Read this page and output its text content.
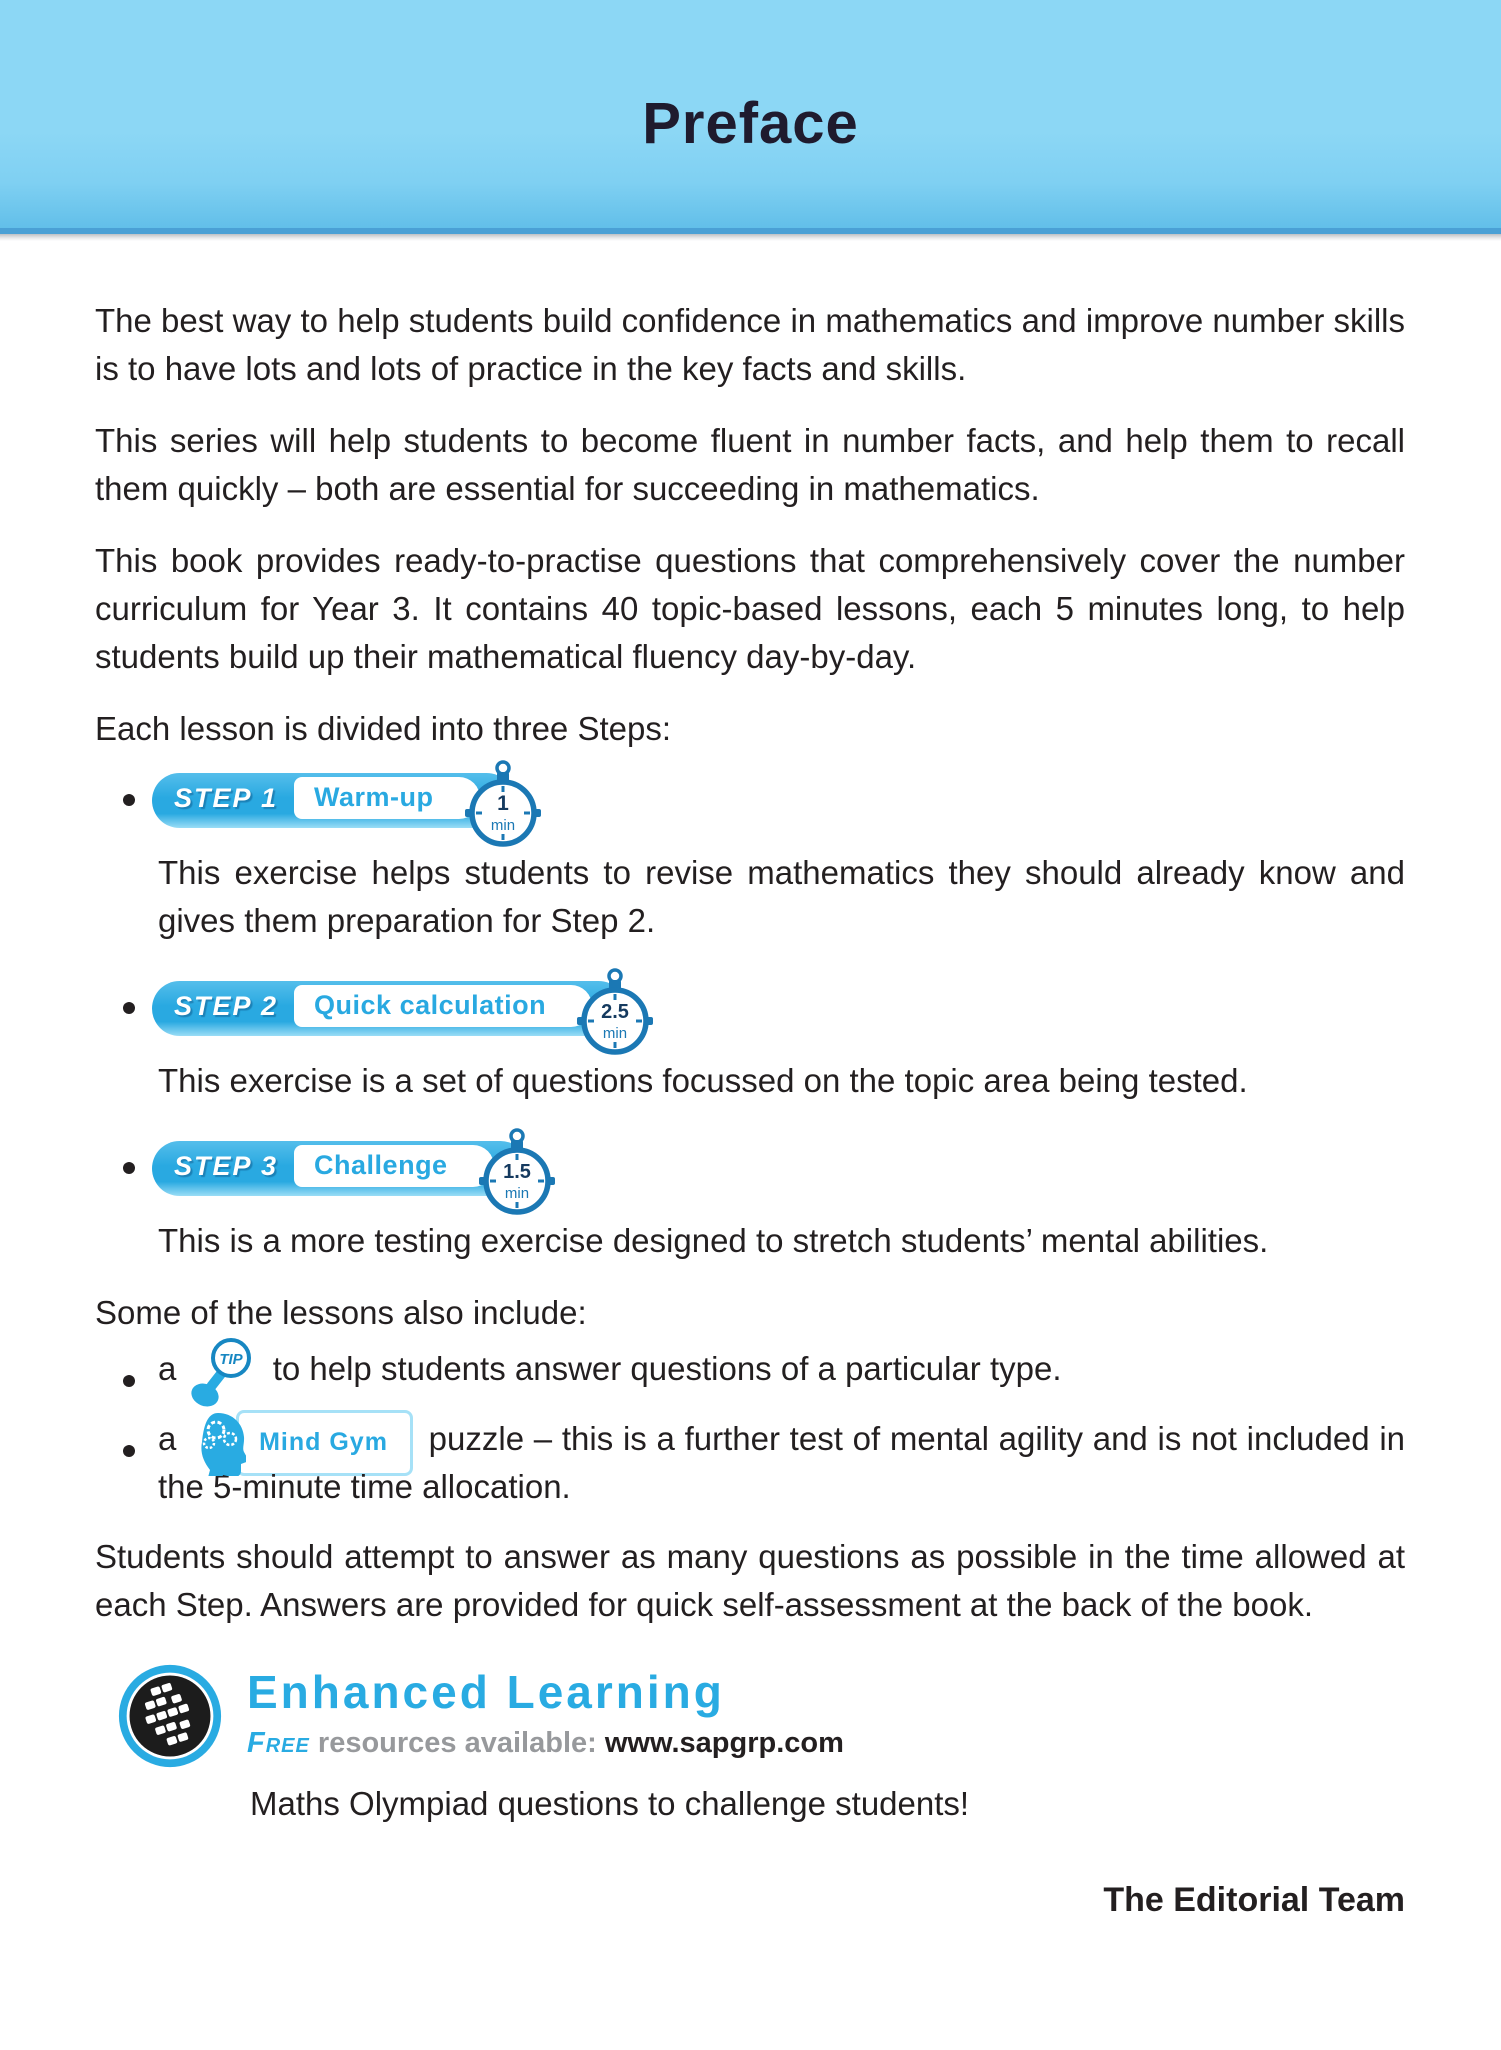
Preface

The best way to help students build confidence in mathematics and improve number skills is to have lots and lots of practice in the key facts and skills.

This series will help students to become fluent in number facts, and help them to recall them quickly – both are essential for succeeding in mathematics.

This book provides ready-to-practise questions that comprehensively cover the number curriculum for Year 3. It contains 40 topic-based lessons, each 5 minutes long, to help students build up their mathematical fluency day-by-day.

Each lesson is divided into three Steps:

STEP 1	Warm-up	1
min

This exercise helps students to revise mathematics they should already know and gives them preparation for Step 2.

STEP 2	Quick calculation	2.5
min

This exercise is a set of questions focussed on the topic area being tested.

STEP 3	Challenge	1.5
min

This is a more testing exercise designed to stretch students’ mental abilities.

Some of the lessons also include:

a	TIP to help students answer questions of a particular type.
a	Mind Gym	puzzle – this is a further test of mental agility and is not included in the 5-minute time allocation.

Students should attempt to answer as many questions as possible in the time allowed at each Step. Answers are provided for quick self-assessment at the back of the book.

Enhanced Learning
Free resources available: www.sapgrp.com

Maths Olympiad questions to challenge students!

The Editorial Team
